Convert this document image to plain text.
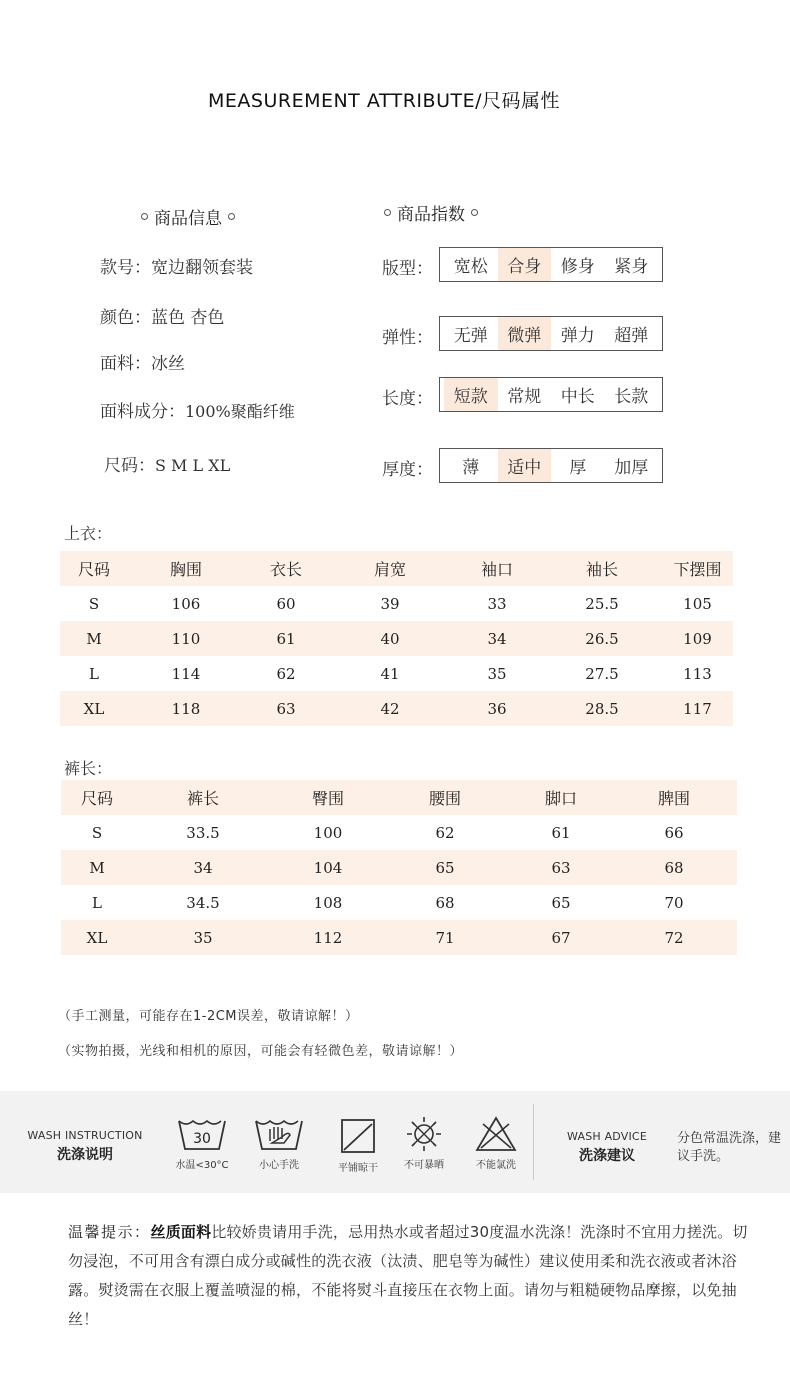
MEASUREMENT ATTRIBUTE/尺码属性
商品信息
款号：宽边翻领套装
颜色：蓝色 杏色
面料：冰丝
面料成分：100%聚酯纤维
尺码：S M L XL
商品指数
版型：	宽松	合身	修身	紧身
弹性：	无弹	微弹	弹力	超弹
长度：	短款	常规	中长	长款
厚度：	薄	适中	厚	加厚
上衣：
尺码	胸围	衣长	肩宽	袖口	袖长	下摆围
S	106	60	39	33	25.5	105
M	110	61	40	34	26.5	109
L	114	62	41	35	27.5	113
XL	118	63	42	36	28.5	117
裤长：
尺码	裤长	臀围	腰围	脚口	脾围
S	33.5	100	62	61	66
M	34	104	65	63	68
L	34.5	108	68	65	70
XL	35	112	71	67	72
（手工测量，可能存在1-2CM误差，敬请谅解！）
（实物拍摄，光线和相机的原因，可能会有轻微色差，敬请谅解！）
WASH INSTRUCTION
洗涤说明
30
水温<30°C	小心手洗	平铺晾干	不可暴晒	不能氯洗
WASH ADVICE
洗涤建议
分色常温洗涤，建议手洗。
温馨提示：丝质面料比较娇贵请用手洗，忌用热水或者超过30度温水洗涤！洗涤时不宜用力搓洗。切勿浸泡，不可用含有漂白成分或碱性的洗衣液（汰渍、肥皂等为碱性）建议使用柔和洗衣液或者沐浴露。熨烫需在衣服上覆盖喷湿的棉，不能将熨斗直接压在衣物上面。请勿与粗糙硬物品摩擦，以免抽丝！
